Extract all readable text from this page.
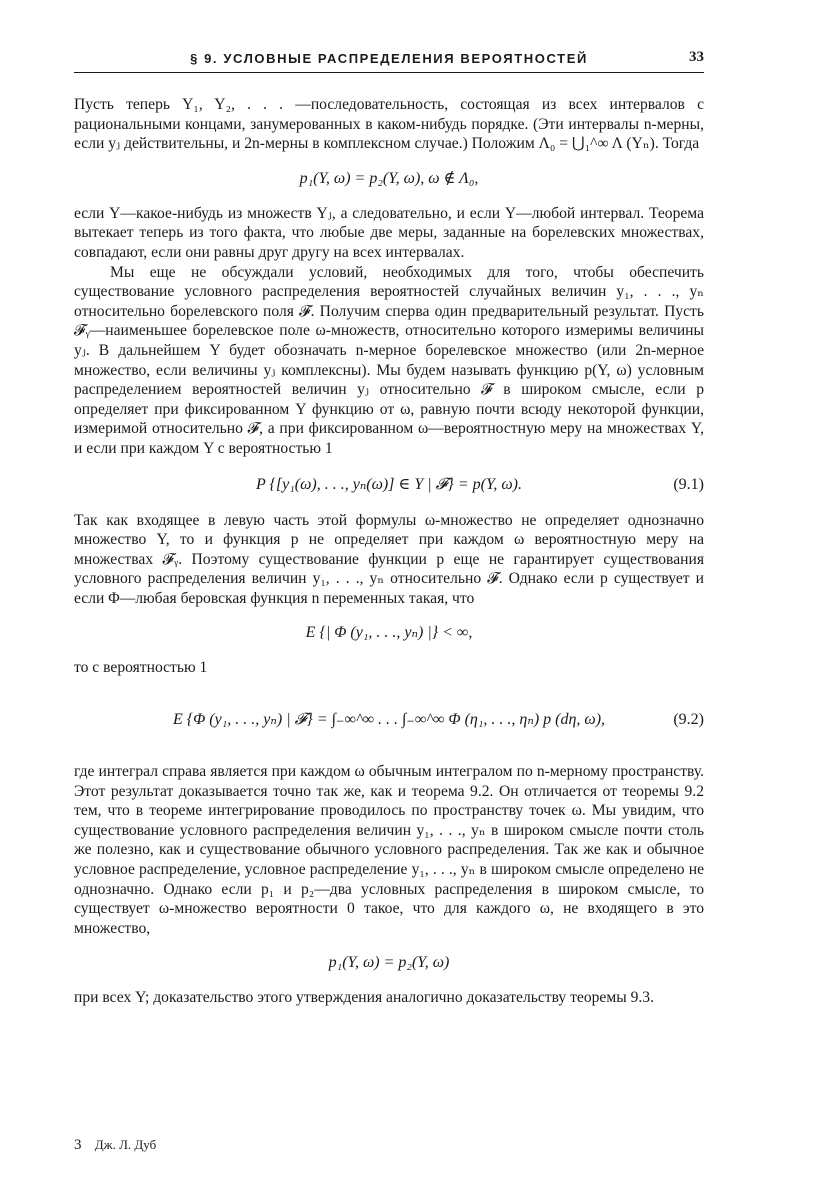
§ 9. УСЛОВНЫЕ РАСПРЕДЕЛЕНИЯ ВЕРОЯТНОСТЕЙ	33

Пусть теперь Y₁, Y₂, . . . —последовательность, состоящая из всех интервалов с рациональными концами, занумерованных в каком-нибудь порядке. (Эти интервалы n-мерны, если yⱼ действительны, и 2n-мерны в комплексном случае.) Положим Λ₀ = ⋃₁^∞ Λ (Yₙ). Тогда

p₁(Y, ω) = p₂(Y, ω), ω ∉ Λ₀,

если Y—какое-нибудь из множеств Yⱼ, а следовательно, и если Y—любой интервал. Теорема вытекает теперь из того факта, что любые две меры, заданные на борелевских множествах, совпадают, если они равны друг другу на всех интервалах.

Мы еще не обсуждали условий, необходимых для того, чтобы обеспечить существование условного распределения вероятностей случайных величин y₁, . . ., yₙ относительно борелевского поля 𝓕. Получим сперва один предварительный результат. Пусть 𝓕ᵧ—наименьшее борелевское поле ω-множеств, относительно которого измеримы величины yⱼ. В дальнейшем Y будет обозначать n-мерное борелевское множество (или 2n-мерное множество, если величины yⱼ комплексны). Мы будем называть функцию p(Y, ω) условным распределением вероятностей величин yⱼ относительно 𝓕 в широком смысле, если p определяет при фиксированном Y функцию от ω, равную почти всюду некоторой функции, измеримой относительно 𝓕, а при фиксированном ω—вероятностную меру на множествах Y, и если при каждом Y с вероятностью 1

P {[y₁(ω), . . ., yₙ(ω)] ∈ Y | 𝓕} = p(Y, ω).	(9.1)

Так как входящее в левую часть этой формулы ω-множество не определяет однозначно множество Y, то и функция p не определяет при каждом ω вероятностную меру на множествах 𝓕ᵧ. Поэтому существование функции p еще не гарантирует существования условного распределения величин y₁, . . ., yₙ относительно 𝓕. Однако если p существует и если Φ—любая беровская функция n переменных такая, что

E {| Φ (y₁, . . ., yₙ) |} < ∞,

то с вероятностью 1

E {Φ (y₁, . . ., yₙ) | 𝓕} = ∫₋∞^∞ . . . ∫₋∞^∞ Φ (η₁, . . ., ηₙ) p (dη, ω),	(9.2)

где интеграл справа является при каждом ω обычным интегралом по n-мерному пространству. Этот результат доказывается точно так же, как и теорема 9.2. Он отличается от теоремы 9.2 тем, что в теореме интегрирование проводилось по пространству точек ω. Мы увидим, что существование условного распределения величин y₁, . . ., yₙ в широком смысле почти столь же полезно, как и существование обычного условного распределения. Так же как и обычное условное распределение, условное распределение y₁, . . ., yₙ в широком смысле определено не однозначно. Однако если p₁ и p₂—два условных распределения в широком смысле, то существует ω-множество вероятности 0 такое, что для каждого ω, не входящего в это множество,

p₁(Y, ω) = p₂(Y, ω)

при всех Y; доказательство этого утверждения аналогично доказательству теоремы 9.3.

3 Дж. Л. Дуб
